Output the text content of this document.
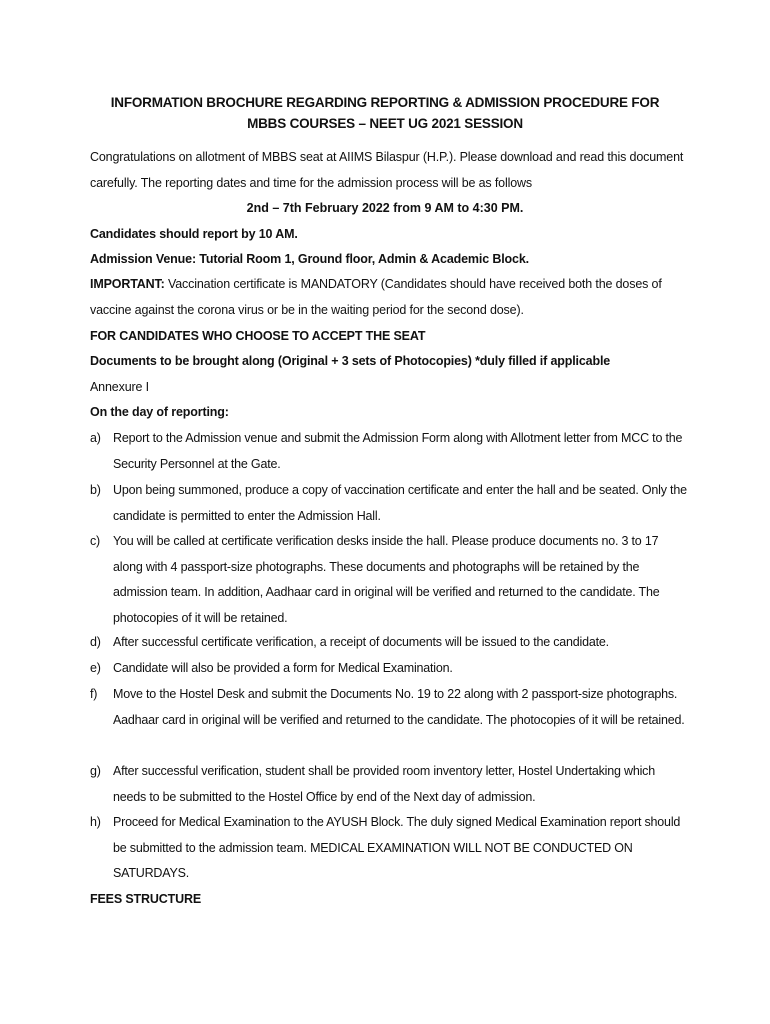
INFORMATION BROCHURE REGARDING REPORTING & ADMISSION PROCEDURE FOR
MBBS COURSES – NEET UG 2021 SESSION
Congratulations on allotment of MBBS seat at AIIMS Bilaspur (H.P.). Please download and read this document carefully. The reporting dates and time for the admission process will be as follows
2nd – 7th February 2022 from 9 AM to 4:30 PM.
Candidates should report by 10 AM.
Admission Venue: Tutorial Room 1, Ground floor, Admin & Academic Block.
IMPORTANT: Vaccination certificate is MANDATORY (Candidates should have received both the doses of vaccine against the corona virus or be in the waiting period for the second dose).
FOR CANDIDATES WHO CHOOSE TO ACCEPT THE SEAT
Documents to be brought along (Original + 3 sets of Photocopies) *duly filled if applicable
Annexure I
On the day of reporting:
a) Report to the Admission venue and submit the Admission Form along with Allotment letter from MCC to the Security Personnel at the Gate.
b) Upon being summoned, produce a copy of vaccination certificate and enter the hall and be seated. Only the candidate is permitted to enter the Admission Hall.
c)	You will be called at certificate verification desks inside the hall. Please produce documents no. 3 to 17 along with 4 passport-size photographs. These documents and photographs will be retained by the admission team. In addition, Aadhaar card in original will be verified and returned to the candidate. The photocopies of it will be retained.
d) After successful certificate verification, a receipt of documents will be issued to the candidate.
e) Candidate will also be provided a form for Medical Examination.
f)	Move to the Hostel Desk and submit the Documents No. 19 to 22 along with 2 passport-size photographs. Aadhaar card in original will be verified and returned to the candidate. The photocopies of it will be retained.
g) After successful verification, student shall be provided room inventory letter, Hostel Undertaking which needs to be submitted to the Hostel Office by end of the Next day of admission.
h) Proceed for Medical Examination to the AYUSH Block. The duly signed Medical Examination report should be submitted to the admission team. MEDICAL EXAMINATION WILL NOT BE CONDUCTED ON SATURDAYS.
FEES STRUCTURE
